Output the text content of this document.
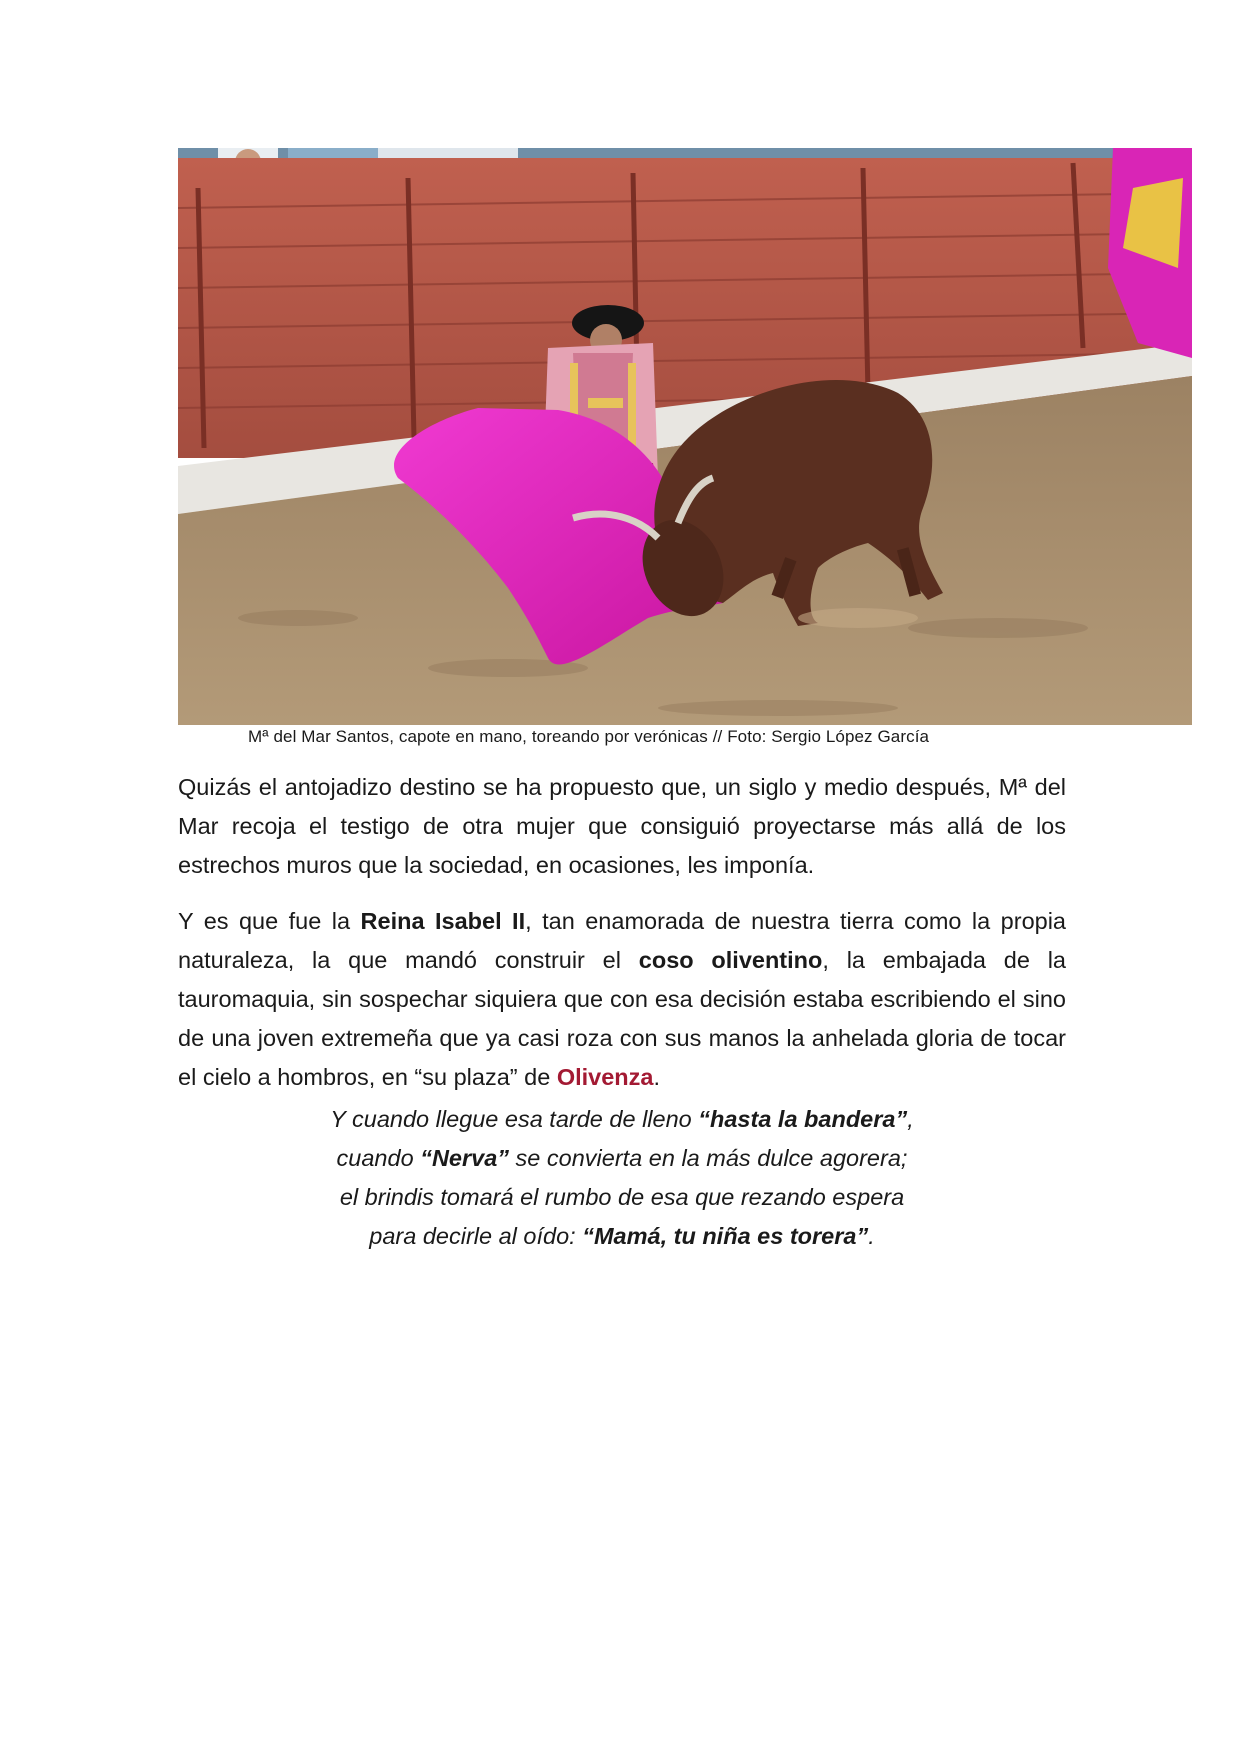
Mª del Mar Santos, capote en mano, toreando por verónicas // Foto: Sergio López García

Quizás el antojadizo destino se ha propuesto que, un siglo y medio después, Mª del Mar recoja el testigo de otra mujer que consiguió proyectarse más allá de los estrechos muros que la sociedad, en ocasiones, les imponía.

Y es que fue la Reina Isabel II, tan enamorada de nuestra tierra como la propia naturaleza, la que mandó construir el coso oliventino, la embajada de la tauromaquia, sin sospechar siquiera que con esa decisión estaba escribiendo el sino de una joven extremeña que ya casi roza con sus manos la anhelada gloria de tocar el cielo a hombros, en “su plaza” de Olivenza.

Y cuando llegue esa tarde de lleno “hasta la bandera”,
cuando “Nerva” se convierta en la más dulce agorera;
el brindis tomará el rumbo de esa que rezando espera
para decirle al oído: “Mamá, tu niña es torera”.
